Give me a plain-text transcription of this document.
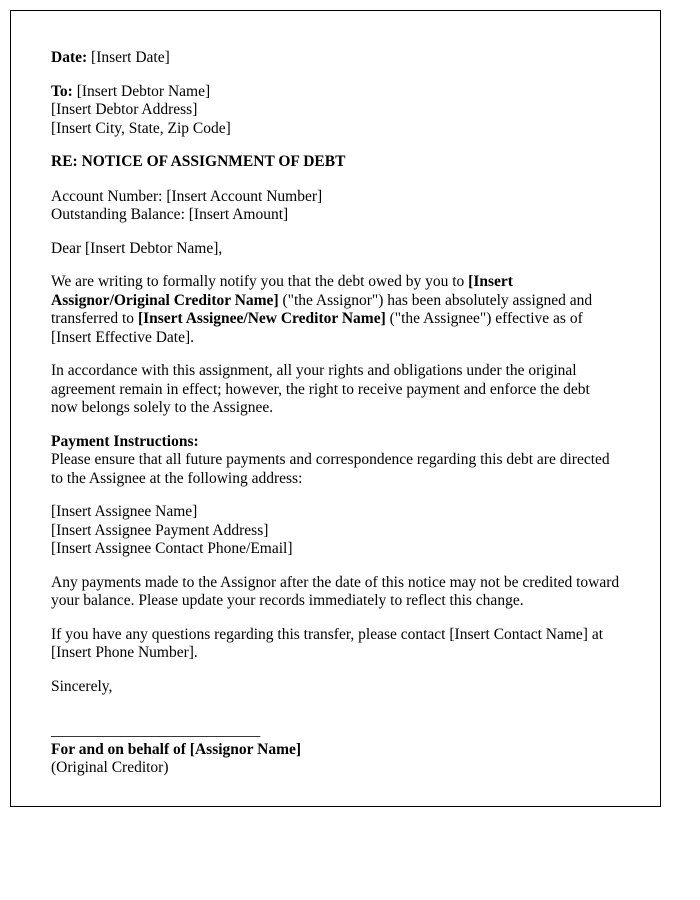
Date: [Insert Date]

To: [Insert Debtor Name]

[Insert Debtor Address]

[Insert City, State, Zip Code]

RE: NOTICE OF ASSIGNMENT OF DEBT

Account Number: [Insert Account Number]

Outstanding Balance: [Insert Amount]

Dear [Insert Debtor Name],

We are writing to formally notify you that the debt owed by you to [Insert Assignor/Original Creditor Name] ("the Assignor") has been absolutely assigned and transferred to [Insert Assignee/New Creditor Name] ("the Assignee") effective as of [Insert Effective Date].

In accordance with this assignment, all your rights and obligations under the original agreement remain in effect; however, the right to receive payment and enforce the debt now belongs solely to the Assignee.

Payment Instructions:

Please ensure that all future payments and correspondence regarding this debt are directed to the Assignee at the following address:

[Insert Assignee Name]

[Insert Assignee Payment Address]

[Insert Assignee Contact Phone/Email]

Any payments made to the Assignor after the date of this notice may not be credited toward your balance. Please update your records immediately to reflect this change.

If you have any questions regarding this transfer, please contact [Insert Contact Name] at [Insert Phone Number].

Sincerely,

___________________________

For and on behalf of [Assignor Name]

(Original Creditor)
